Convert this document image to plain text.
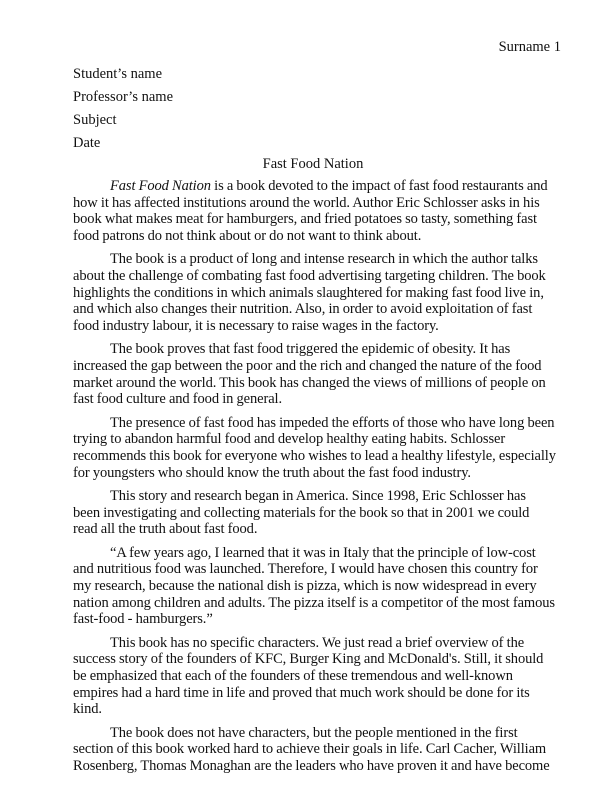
Surname 1
Student’s name
Professor’s name
Subject
Date
Fast Food Nation

Fast Food Nation is a book devoted to the impact of fast food restaurants and how it has affected institutions around the world. Author Eric Schlosser asks in his book what makes meat for hamburgers, and fried potatoes so tasty, something fast food patrons do not think about or do not want to think about.

The book is a product of long and intense research in which the author talks about the challenge of combating fast food advertising targeting children. The book highlights the conditions in which animals slaughtered for making fast food live in, and which also changes their nutrition. Also, in order to avoid exploitation of fast food industry labour, it is necessary to raise wages in the factory.

The book proves that fast food triggered the epidemic of obesity. It has increased the gap between the poor and the rich and changed the nature of the food market around the world. This book has changed the views of millions of people on fast food culture and food in general.

The presence of fast food has impeded the efforts of those who have long been trying to abandon harmful food and develop healthy eating habits. Schlosser recommends this book for everyone who wishes to lead a healthy lifestyle, especially for youngsters who should know the truth about the fast food industry.

This story and research began in America. Since 1998, Eric Schlosser has been investigating and collecting materials for the book so that in 2001 we could read all the truth about fast food.

“A few years ago, I learned that it was in Italy that the principle of low-cost and nutritious food was launched. Therefore, I would have chosen this country for my research, because the national dish is pizza, which is now widespread in every nation among children and adults. The pizza itself is a competitor of the most famous fast-food - hamburgers.”

This book has no specific characters. We just read a brief overview of the success story of the founders of KFC, Burger King and McDonald's. Still, it should be emphasized that each of the founders of these tremendous and well-known empires had a hard time in life and proved that much work should be done for its kind.

The book does not have characters, but the people mentioned in the first section of this book worked hard to achieve their goals in life. Carl Cacher, William Rosenberg, Thomas Monaghan are the leaders who have proven it and have become
